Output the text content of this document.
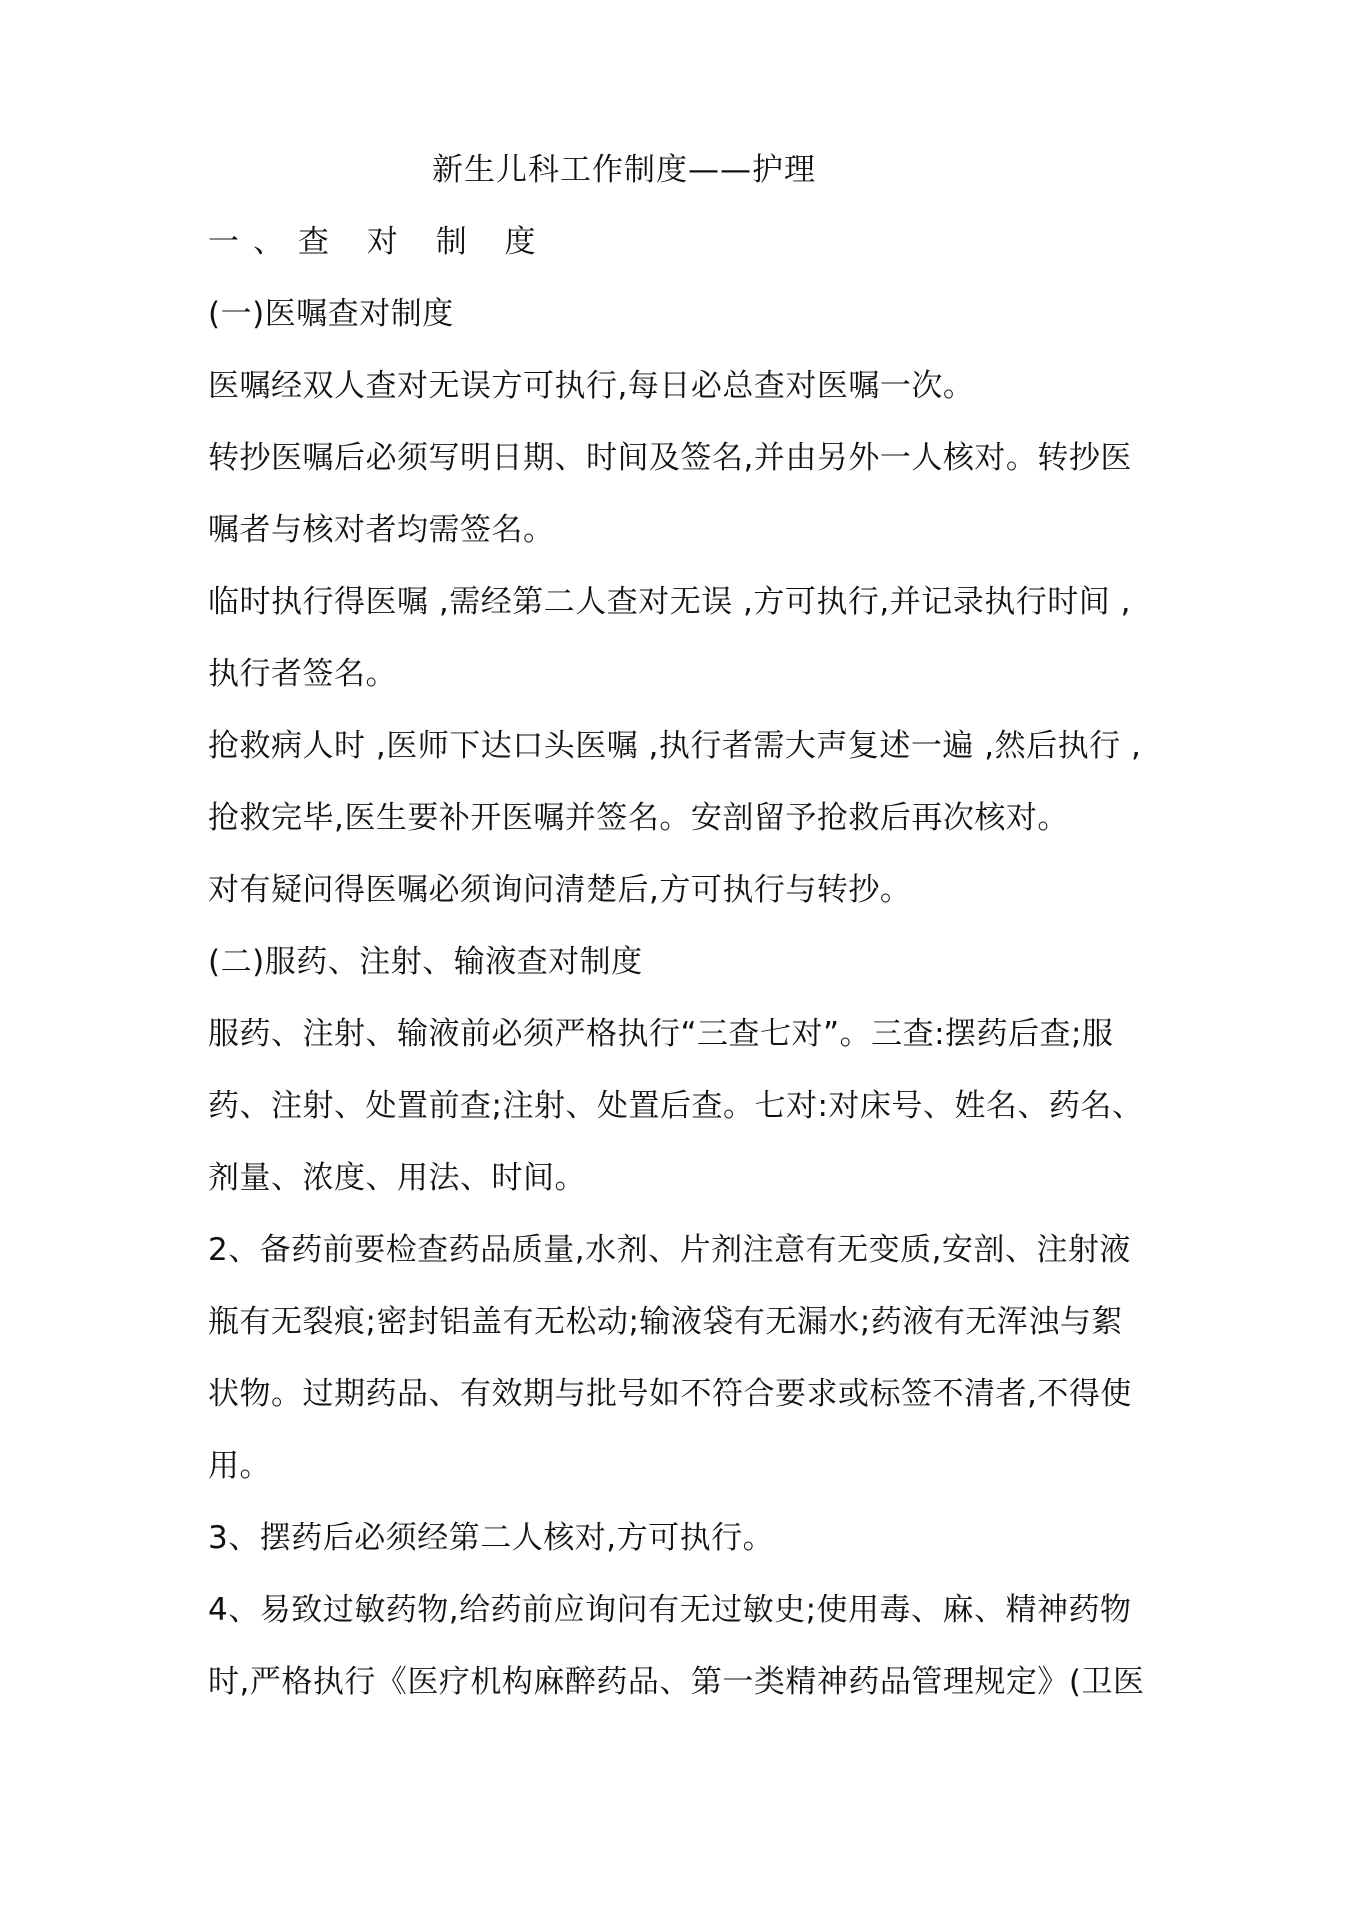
新生儿科工作制度——护理
一、查 对 制 度
(一)医嘱查对制度
医嘱经双人查对无误方可执行,每日必总查对医嘱一次。
转抄医嘱后必须写明日期、时间及签名,并由另外一人核对。转抄医
嘱者与核对者均需签名。
临时执行得医嘱 ,需经第二人查对无误 ,方可执行,并记录执行时间 ,
执行者签名。
抢救病人时 ,医师下达口头医嘱 ,执行者需大声复述一遍 ,然后执行 ,
抢救完毕,医生要补开医嘱并签名。安剖留予抢救后再次核对。
对有疑问得医嘱必须询问清楚后,方可执行与转抄。
(二)服药、注射、输液查对制度
服药、注射、输液前必须严格执行“三查七对”。三查:摆药后查;服
药、注射、处置前查;注射、处置后查。七对:对床号、姓名、药名、
剂量、浓度、用法、时间。
2、备药前要检查药品质量,水剂、片剂注意有无变质,安剖、注射液
瓶有无裂痕;密封铝盖有无松动;输液袋有无漏水;药液有无浑浊与絮
状物。过期药品、有效期与批号如不符合要求或标签不清者,不得使
用。
3、摆药后必须经第二人核对,方可执行。
4、易致过敏药物,给药前应询问有无过敏史;使用毒、麻、精神药物
时,严格执行《医疗机构麻醉药品、第一类精神药品管理规定》(卫医
